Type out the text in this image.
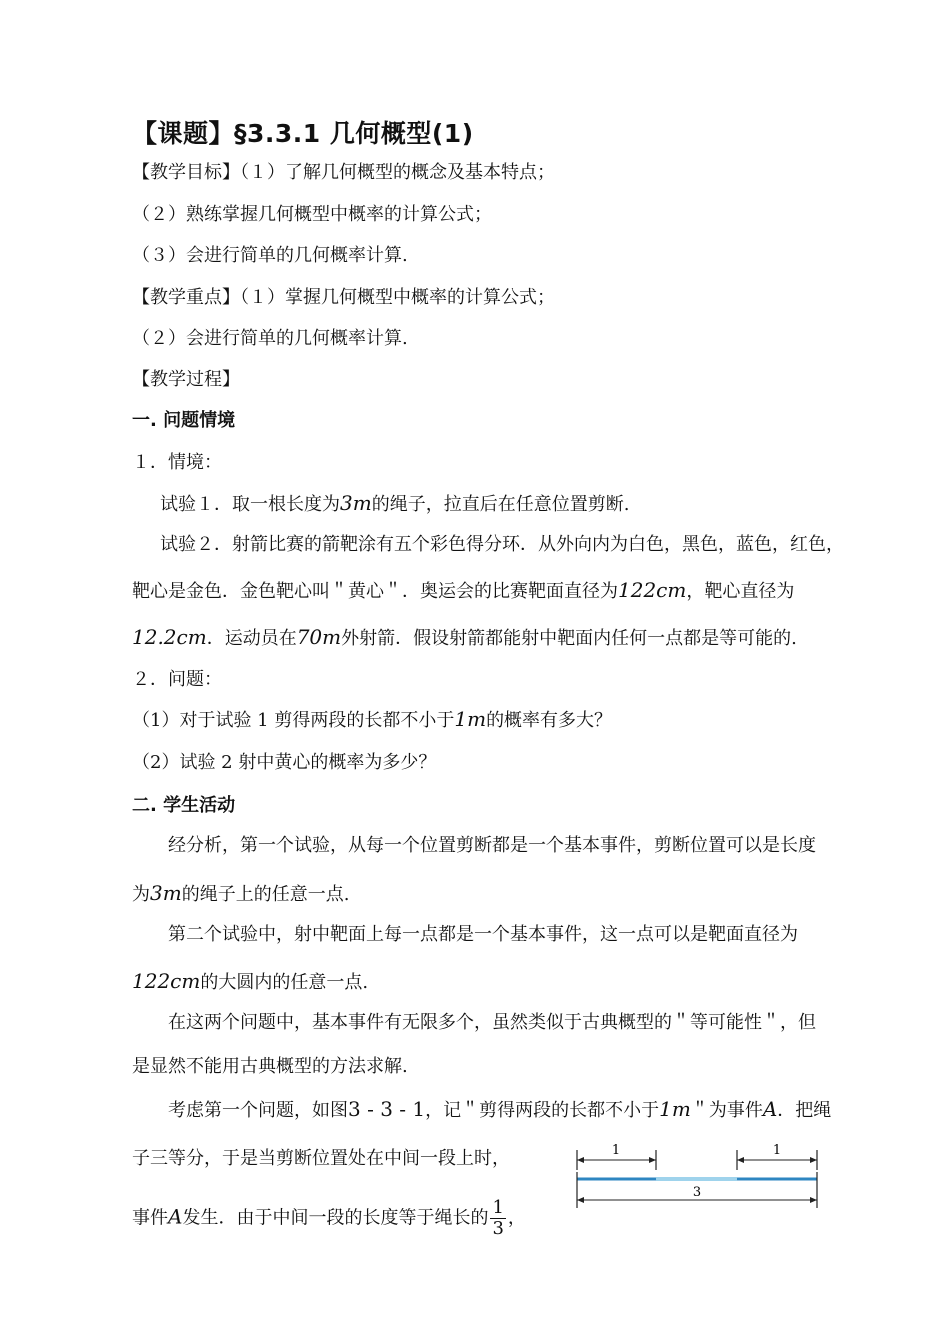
【课题】§3.3.1 几何概型(1)
【教学目标】（１）了解几何概型的概念及基本特点；
（２）熟练掌握几何概型中概率的计算公式；
（３）会进行简单的几何概率计算.
【教学重点】（１）掌握几何概型中概率的计算公式；
（２）会进行简单的几何概率计算.
【教学过程】
一. 问题情境
１．情境：
试验１．取一根长度为3m的绳子，拉直后在任意位置剪断.
试验２．射箭比赛的箭靶涂有五个彩色得分环．从外向内为白色，黑色，蓝色，红色，
靶心是金色．金色靶心叫＂黄心＂．奥运会的比赛靶面直径为122cm，靶心直径为
12.2cm．运动员在70m外射箭．假设射箭都能射中靶面内任何一点都是等可能的.
２．问题：
（1）对于试验 1 剪得两段的长都不小于1m的概率有多大？
（2）试验 2 射中黄心的概率为多少？
二. 学生活动
经分析，第一个试验，从每一个位置剪断都是一个基本事件，剪断位置可以是长度
为3m的绳子上的任意一点.
第二个试验中，射中靶面上每一点都是一个基本事件，这一点可以是靶面直径为
122cm的大圆内的任意一点.
在这两个问题中，基本事件有无限多个，虽然类似于古典概型的＂等可能性＂，但
是显然不能用古典概型的方法求解.
考虑第一个问题，如图3 - 3 - 1，记＂剪得两段的长都不小于1m＂为事件A．把绳
子三等分，于是当剪断位置处在中间一段上时，
事件A发生．由于中间一段的长度等于绳长的 $\frac{1}{3}$ ，
1	1
3
